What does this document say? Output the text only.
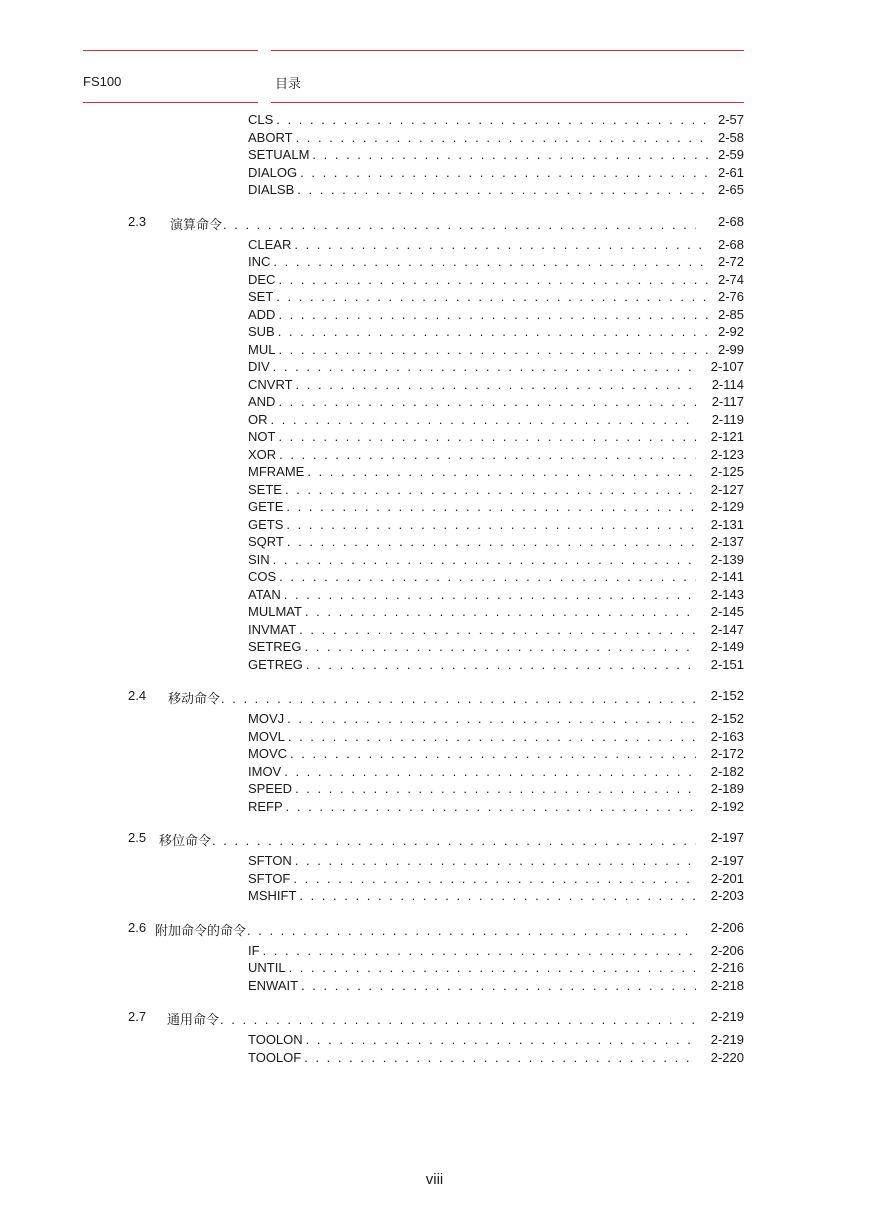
FS100	目录
CLS . . .	2-57
ABORT . . .	2-58
SETUALM . . .	2-59
DIALOG . . .	2-61
DIALSB . . .	2-65
2.3 演算命令 . . .	2-68
CLEAR . . .	2-68
INC . . .	2-72
DEC . . .	2-74
SET . . .	2-76
ADD . . .	2-85
SUB . . .	2-92
MUL . . .	2-99
DIV . . .	2-107
CNVRT . . .	2-114
AND . . .	2-117
OR . . .	2-119
NOT . . .	2-121
XOR . . .	2-123
MFRAME . . .	2-125
SETE . . .	2-127
GETE . . .	2-129
GETS . . .	2-131
SQRT . . .	2-137
SIN . . .	2-139
COS . . .	2-141
ATAN . . .	2-143
MULMAT . . .	2-145
INVMAT . . .	2-147
SETREG . . .	2-149
GETREG . . .	2-151
2.4 移动命令 . . .	2-152
MOVJ . . .	2-152
MOVL . . .	2-163
MOVC . . .	2-172
IMOV . . .	2-182
SPEED . . .	2-189
REFP . . .	2-192
2.5 移位命令 . . .	2-197
SFTON . . .	2-197
SFTOF . . .	2-201
MSHIFT . . .	2-203
2.6 附加命令的命令 . . .	2-206
IF . . .	2-206
UNTIL . . .	2-216
ENWAIT . . .	2-218
2.7 通用命令 . . .	2-219
TOOLON . . .	2-219
TOOLOF . . .	2-220
viii
